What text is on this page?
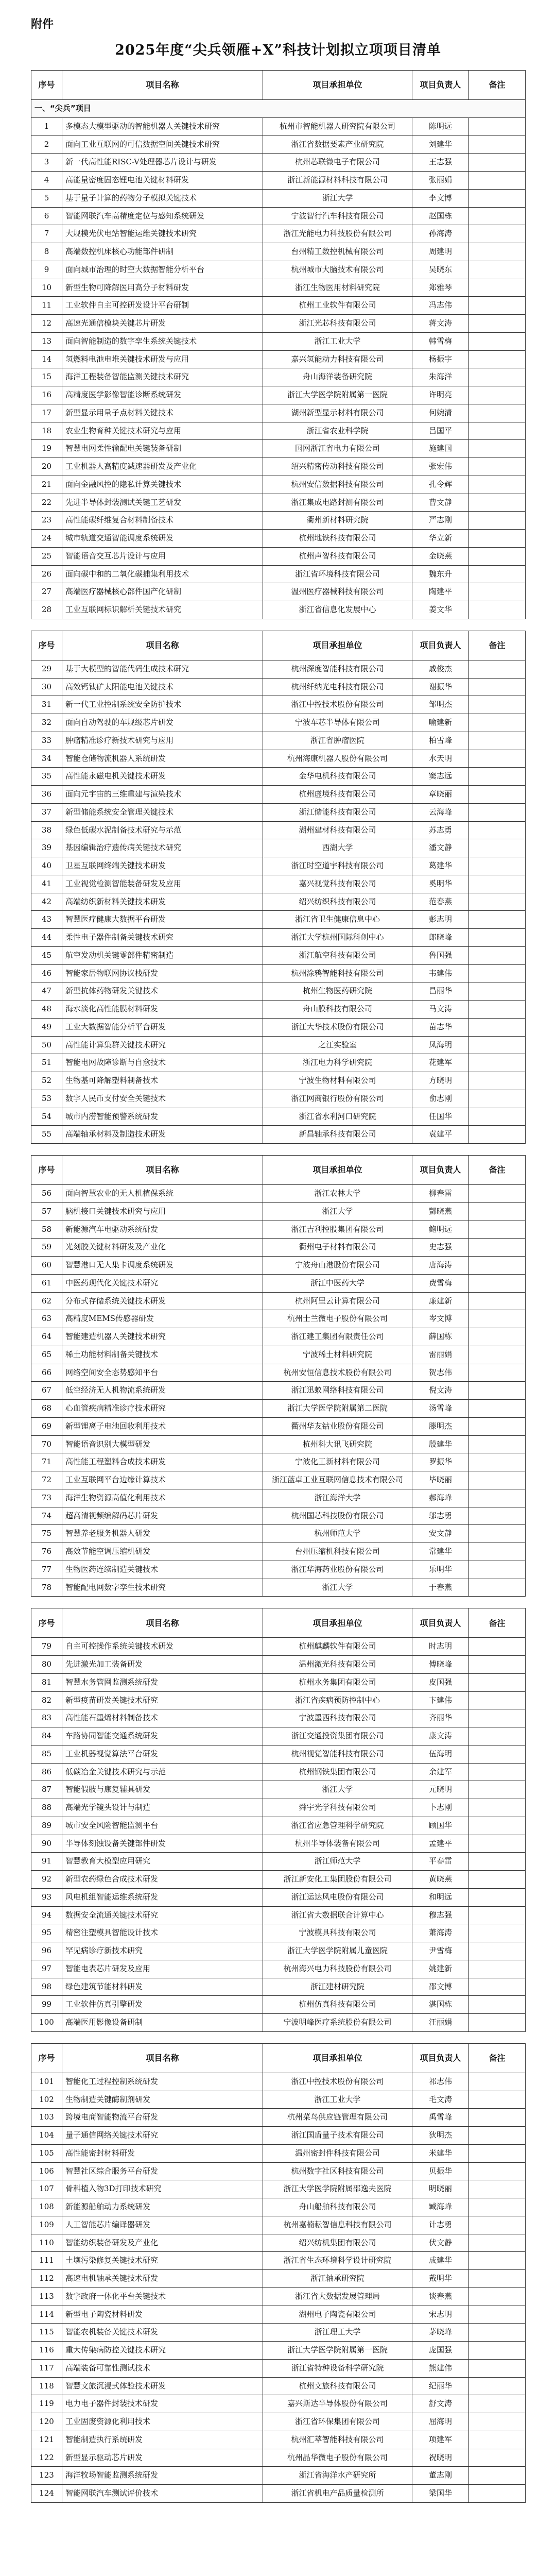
附件
2025年度“尖兵领雁+X”科技计划拟立项项目清单
序号	项目名称	项目承担单位	项目负责人	备注
一、“尖兵”项目				
1	多模态大模型驱动的智能机器人关键技术研究	杭州市智能机器人研究院有限公司	陈明远	
2	面向工业互联网的可信数据空间关键技术研究	浙江省数据要素产业研究院	刘建华	
3	新一代高性能RISC-V处理器芯片设计与研发	杭州芯联微电子有限公司	王志强	
4	高能量密度固态锂电池关键材料研发	浙江新能源材料科技有限公司	张丽娟	
5	基于量子计算的药物分子模拟关键技术	浙江大学	李文博	
6	智能网联汽车高精度定位与感知系统研发	宁波智行汽车科技有限公司	赵国栋	
7	大规模光伏电站智能运维关键技术研究	浙江光能电力科技股份有限公司	孙海涛	
8	高端数控机床核心功能部件研制	台州精工数控机械有限公司	周建明	
9	面向城市治理的时空大数据智能分析平台	杭州城市大脑技术有限公司	吴晓东	
10	新型生物可降解医用高分子材料研发	浙江生物医用材料研究院	郑雅琴	
11	工业软件自主可控研发设计平台研制	杭州工业软件有限公司	冯志伟	
12	高速光通信模块关键芯片研发	浙江光芯科技有限公司	蒋文涛	
13	面向智能制造的数字孪生系统关键技术	浙江工业大学	韩雪梅	
14	氢燃料电池电堆关键技术研发与应用	嘉兴氢能动力科技有限公司	杨振宇	
15	海洋工程装备智能监测关键技术研究	舟山海洋装备研究院	朱海洋	
16	高精度医学影像智能诊断系统研发	浙江大学医学院附属第一医院	许明亮	
17	新型显示用量子点材料关键技术	湖州新型显示材料有限公司	何婉清	
18	农业生物育种关键技术研究与应用	浙江省农业科学院	吕国平	
19	智慧电网柔性输配电关键装备研制	国网浙江省电力有限公司	施建国	
20	工业机器人高精度减速器研发及产业化	绍兴精密传动科技有限公司	张宏伟	
21	面向金融风控的隐私计算关键技术	杭州安信数据科技有限公司	孔令辉	
22	先进半导体封装测试关键工艺研发	浙江集成电路封测有限公司	曹文静	
23	高性能碳纤维复合材料制备技术	衢州新材料研究院	严志刚	
24	城市轨道交通智能调度系统研发	杭州地铁科技有限公司	华立新	
25	智能语音交互芯片设计与应用	杭州声智科技有限公司	金晓燕	
26	面向碳中和的二氧化碳捕集利用技术	浙江省环境科技有限公司	魏东升	
27	高端医疗器械核心部件国产化研制	温州医疗器械科技有限公司	陶建平	
28	工业互联网标识解析关键技术研究	浙江省信息化发展中心	姜文华	
序号	项目名称	项目承担单位	项目负责人	备注
29	基于大模型的智能代码生成技术研究	杭州深度智能科技有限公司	戚俊杰	
30	高效钙钛矿太阳能电池关键技术	杭州纤纳光电科技有限公司	谢振华	
31	新一代工业控制系统安全防护技术	浙江中控技术股份有限公司	邹明杰	
32	面向自动驾驶的车规级芯片研发	宁波车芯半导体有限公司	喻建新	
33	肿瘤精准诊疗新技术研究与应用	浙江省肿瘤医院	柏雪峰	
34	智能仓储物流机器人系统研发	杭州海康机器人股份有限公司	水天明	
35	高性能永磁电机关键技术研发	金华电机科技有限公司	窦志远	
36	面向元宇宙的三维重建与渲染技术	杭州虚境科技有限公司	章晓丽	
37	新型储能系统安全管理关键技术	浙江储能科技有限公司	云海峰	
38	绿色低碳水泥制备技术研究与示范	湖州建材科技有限公司	苏志勇	
39	基因编辑治疗遗传病关键技术研究	西湖大学	潘文静	
40	卫星互联网终端关键技术研发	浙江时空道宇科技有限公司	葛建华	
41	工业视觉检测智能装备研发及应用	嘉兴视觉科技有限公司	奚明华	
42	高端纺织新材料关键技术研发	绍兴纺织科技有限公司	范春燕	
43	智慧医疗健康大数据平台研发	浙江省卫生健康信息中心	彭志明	
44	柔性电子器件制备关键技术研究	浙江大学杭州国际科创中心	郎晓峰	
45	航空发动机关键零部件精密制造	浙江航空科技有限公司	鲁国强	
46	智能家居物联网协议栈研发	杭州涂鸦智能科技有限公司	韦建伟	
47	新型抗体药物研发关键技术	杭州生物医药研究院	昌丽华	
48	海水淡化高性能膜材料研发	舟山膜科技有限公司	马文涛	
49	工业大数据智能分析平台研发	浙江大华技术股份有限公司	苗志华	
50	高性能计算集群关键技术研究	之江实验室	凤海明	
51	智能电网故障诊断与自愈技术	浙江电力科学研究院	花建军	
52	生物基可降解塑料制备技术	宁波生物材料有限公司	方晓明	
53	数字人民币支付安全关键技术	浙江网商银行股份有限公司	俞志刚	
54	城市内涝智能预警系统研发	浙江省水利河口研究院	任国华	
55	高端轴承材料及制造技术研发	新昌轴承科技有限公司	袁建平	
序号	项目名称	项目承担单位	项目负责人	备注
56	面向智慧农业的无人机植保系统	浙江农林大学	柳春雷	
57	脑机接口关键技术研究与应用	浙江大学	酆晓燕	
58	新能源汽车电驱动系统研发	浙江吉利控股集团有限公司	鲍明远	
59	光刻胶关键材料研发及产业化	衢州电子材料有限公司	史志强	
60	智慧港口无人集卡调度系统研发	宁波舟山港股份有限公司	唐海涛	
61	中医药现代化关键技术研究	浙江中医药大学	费雪梅	
62	分布式存储系统关键技术研发	杭州阿里云计算有限公司	廉建新	
63	高精度MEMS传感器研发	杭州士兰微电子股份有限公司	岑文博	
64	智能建造机器人关键技术研究	浙江建工集团有限责任公司	薛国栋	
65	稀土功能材料制备关键技术	宁波稀土材料研究院	雷丽娟	
66	网络空间安全态势感知平台	杭州安恒信息技术股份有限公司	贺志伟	
67	低空经济无人机物流系统研发	浙江迅蚁网络科技有限公司	倪文涛	
68	心血管疾病精准诊疗技术研究	浙江大学医学院附属第二医院	汤雪峰	
69	新型锂离子电池回收利用技术	衢州华友钴业股份有限公司	滕明杰	
70	智能语音识别大模型研发	杭州科大讯飞研究院	殷建华	
71	高性能工程塑料合成技术研发	宁波化工新材料有限公司	罗振华	
72	工业互联网平台边缘计算技术	浙江蓝卓工业互联网信息技术有限公司	毕晓丽	
73	海洋生物资源高值化利用技术	浙江海洋大学	郝海峰	
74	超高清视频编解码芯片研发	杭州国芯科技股份有限公司	邬志勇	
75	智慧养老服务机器人研发	杭州师范大学	安文静	
76	高效节能空调压缩机研发	台州压缩机科技有限公司	常建华	
77	生物医药连续制造关键技术	浙江华海药业股份有限公司	乐明华	
78	智能配电网数字孪生技术研究	浙江大学	于春燕	
序号	项目名称	项目承担单位	项目负责人	备注
79	自主可控操作系统关键技术研发	杭州麒麟软件有限公司	时志明	
80	先进激光加工装备研发	温州激光科技有限公司	傅晓峰	
81	智慧水务管网监测系统研发	杭州水务集团有限公司	皮国强	
82	新型疫苗研发关键技术研究	浙江省疾病预防控制中心	卞建伟	
83	高性能石墨烯材料制备技术	宁波墨西科技有限公司	齐丽华	
84	车路协同智能交通系统研发	浙江交通投资集团有限公司	康文涛	
85	工业机器视觉算法平台研发	杭州视觉智能科技有限公司	伍海明	
86	低碳冶金关键技术研究与示范	杭州钢铁集团有限公司	余建军	
87	智能假肢与康复辅具研发	浙江大学	元晓明	
88	高端光学镜头设计与制造	舜宇光学科技有限公司	卜志刚	
89	城市安全风险智能监测平台	浙江省应急管理科学研究院	顾国华	
90	半导体刻蚀设备关键部件研发	杭州半导体装备有限公司	孟建平	
91	智慧教育大模型应用研究	浙江师范大学	平春雷	
92	新型农药绿色合成技术研发	浙江新安化工集团股份有限公司	黄晓燕	
93	风电机组智能运维系统研发	浙江运达风电股份有限公司	和明远	
94	数据安全流通关键技术研究	浙江省大数据联合计算中心	穆志强	
95	精密注塑模具智能设计技术	宁波模具科技有限公司	萧海涛	
96	罕见病诊疗新技术研究	浙江大学医学院附属儿童医院	尹雪梅	
97	智能电表芯片研发及应用	杭州海兴电力科技股份有限公司	姚建新	
98	绿色建筑节能材料研发	浙江建材研究院	邵文博	
99	工业软件仿真引擎研发	杭州仿真科技有限公司	湛国栋	
100	高端医用影像设备研制	宁波明峰医疗系统股份有限公司	汪丽娟	
序号	项目名称	项目承担单位	项目负责人	备注
101	智能化工过程控制系统研发	浙江中控技术股份有限公司	祁志伟	
102	生物制造关键酶制剂研发	浙江工业大学	毛文涛	
103	跨境电商智能物流平台研发	杭州菜鸟供应链管理有限公司	禹雪峰	
104	量子通信网络关键技术研究	浙江国盾量子技术有限公司	狄明杰	
105	高性能密封材料研发	温州密封件科技有限公司	米建华	
106	智慧社区综合服务平台研发	杭州数字社区科技有限公司	贝振华	
107	骨科植入物3D打印技术研究	浙江大学医学院附属邵逸夫医院	明晓丽	
108	新能源船舶动力系统研发	舟山船舶科技有限公司	臧海峰	
109	人工智能芯片编译器研发	杭州嘉楠耘智信息科技有限公司	计志勇	
110	智能纺织装备研发及产业化	绍兴纺机集团有限公司	伏文静	
111	土壤污染修复关键技术研究	浙江省生态环境科学设计研究院	成建华	
112	高速电机轴承关键技术研发	浙江轴承研究院	戴明华	
113	数字政府一体化平台关键技术	浙江省大数据发展管理局	谈春燕	
114	新型电子陶瓷材料研发	湖州电子陶瓷有限公司	宋志明	
115	智能农机装备关键技术研发	浙江理工大学	茅晓峰	
116	重大传染病防控关键技术研究	浙江大学医学院附属第一医院	庞国强	
117	高端装备可靠性测试技术	浙江省特种设备科学研究院	熊建伟	
118	智慧文旅沉浸式体验技术研发	杭州文旅科技有限公司	纪丽华	
119	电力电子器件封装技术研发	嘉兴斯达半导体股份有限公司	舒文涛	
120	工业固废资源化利用技术	浙江省环保集团有限公司	屈海明	
121	智能制造执行系统研发	杭州汇萃智能科技有限公司	项建军	
122	新型显示驱动芯片研发	杭州晶华微电子股份有限公司	祝晓明	
123	海洋牧场智能监测系统研发	浙江省海洋水产研究所	董志刚	
124	智能网联汽车测试评价技术	浙江省机电产品质量检测所	梁国华	
